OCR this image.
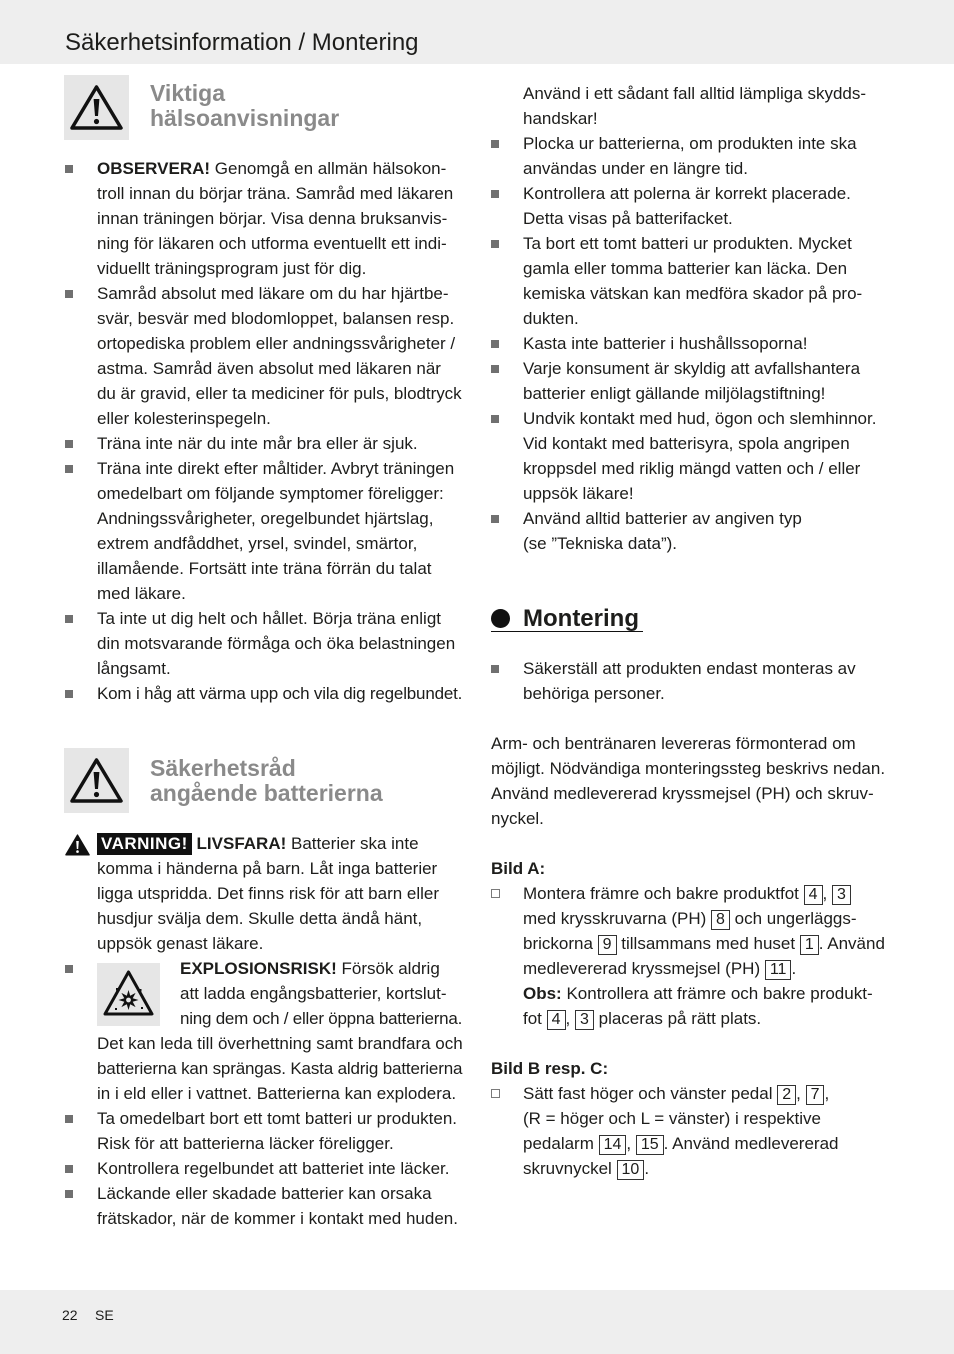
Säkerhetsinformation / Montering
Viktiga
hälsoanvisningar
OBSERVERA! Genomgå en allmän hälsokon-
troll innan du börjar träna. Samråd med läkaren
innan träningen börjar. Visa denna bruksanvis-
ning för läkaren och utforma eventuellt ett indi-
viduellt träningsprogram just för dig.
Samråd absolut med läkare om du har hjärtbe-
svär, besvär med blodomloppet, balansen resp.
ortopediska problem eller andningssvårigheter /
astma. Samråd även absolut med läkaren när
du är gravid, eller ta mediciner för puls, blodtryck
eller kolesterinspegeln.
Träna inte när du inte mår bra eller är sjuk.
Träna inte direkt efter måltider. Avbryt träningen
omedelbart om följande symptomer föreligger:
Andningssvårigheter, oregelbundet hjärtslag,
extrem andfåddhet, yrsel, svindel, smärtor,
illamående. Fortsätt inte träna förrän du talat
med läkare.
Ta inte ut dig helt och hållet. Börja träna enligt
din motsvarande förmåga och öka belastningen
långsamt.
Kom i håg att värma upp och vila dig regelbundet.
Säkerhetsråd
angående batterierna
VARNING! LIVSFARA! Batterier ska inte
komma i händerna på barn. Låt inga batterier
ligga utspridda. Det finns risk för att barn eller
husdjur svälja dem. Skulle detta ändå hänt,
uppsök genast läkare.
EXPLOSIONSRISK! Försök aldrig
att ladda engångsbatterier, kortslut-
ning dem och / eller öppna batterierna.
Det kan leda till överhettning samt brandfara och
batterierna kan sprängas. Kasta aldrig batterierna
in i eld eller i vattnet. Batterierna kan explodera.
Ta omedelbart bort ett tomt batteri ur produkten.
Risk för att batterierna läcker föreligger.
Kontrollera regelbundet att batteriet inte läcker.
Läckande eller skadade batterier kan orsaka
frätskador, när de kommer i kontakt med huden.
Använd i ett sådant fall alltid lämpliga skydds-
handskar!
Plocka ur batterierna, om produkten inte ska
användas under en längre tid.
Kontrollera att polerna är korrekt placerade.
Detta visas på batterifacket.
Ta bort ett tomt batteri ur produkten. Mycket
gamla eller tomma batterier kan läcka. Den
kemiska vätskan kan medföra skador på pro-
dukten.
Kasta inte batterier i hushållssoporna!
Varje konsument är skyldig att avfallshantera
batterier enligt gällande miljölagstiftning!
Undvik kontakt med hud, ögon och slemhinnor.
Vid kontakt med batterisyra, spola angripen
kroppsdel med riklig mängd vatten och / eller
uppsök läkare!
Använd alltid batterier av angiven typ
(se ”Tekniska data”).
Montering
Säkerställ att produkten endast monteras av
behöriga personer.
Arm- och bentränaren levereras förmonterad om
möjligt. Nödvändiga monteringssteg beskrivs nedan.
Använd medlevererad kryssmejsel (PH) och skruv-
nyckel.
Bild A:
Montera främre och bakre produktfot 4 , 3
med krysskruvarna (PH) 8 och ungerläggs-
brickorna 9 tillsammans med huset 1 . Använd
medlevererad kryssmejsel (PH) 11 .
Obs: Kontrollera att främre och bakre produkt-
fot 4 , 3 placeras på rätt plats.
Bild B resp. C:
Sätt fast höger och vänster pedal 2 , 7 ,
(R = höger och L = vänster) i respektive
pedalarm 14 , 15 . Använd medlevererad
skruvnyckel 10 .
22 SE
